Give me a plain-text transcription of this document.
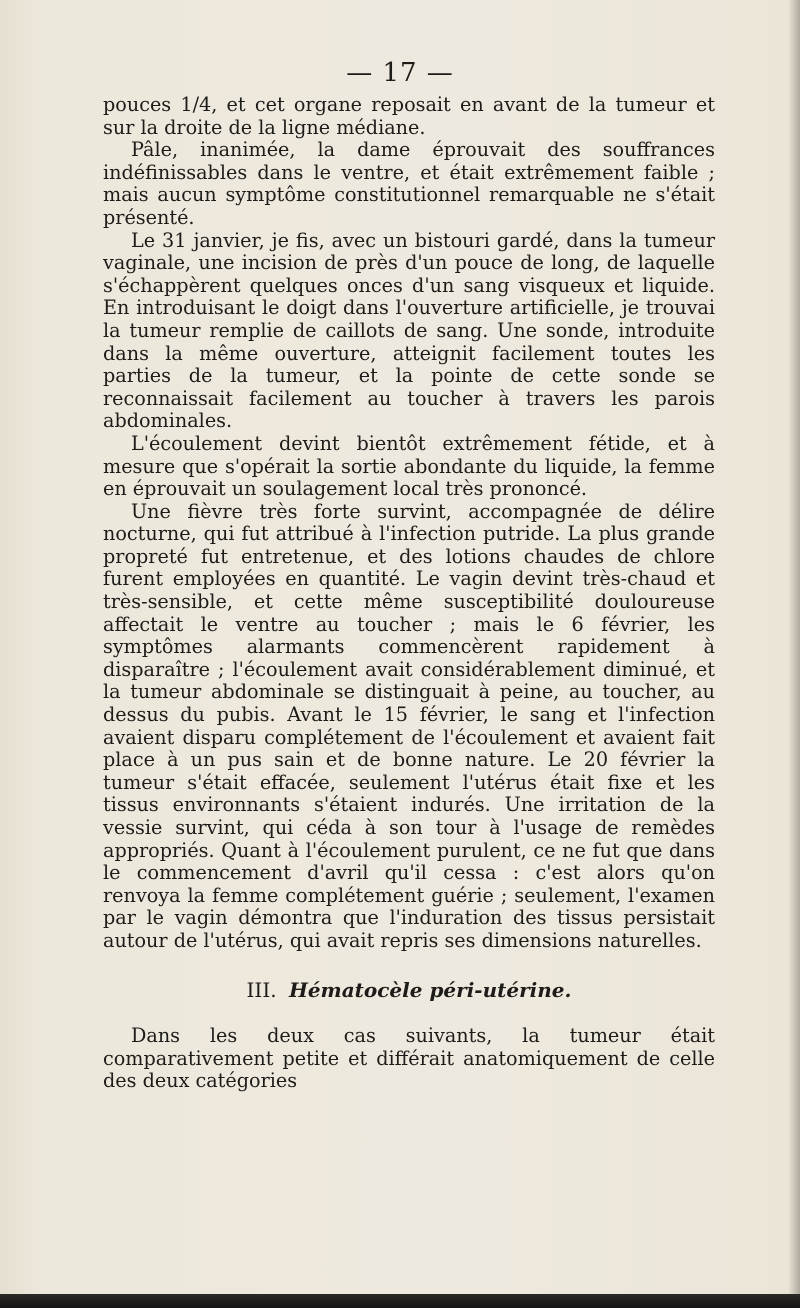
— 17 —

pouces 1/4, et cet organe reposait en avant de la tumeur et sur la droite de la ligne médiane.

Pâle, inanimée, la dame éprouvait des souffrances indéfinissables dans le ventre, et était extrêmement faible ; mais aucun symptôme constitutionnel remarquable ne s'était présenté.

Le 31 janvier, je fis, avec un bistouri gardé, dans la tumeur vaginale, une incision de près d'un pouce de long, de laquelle s'échappèrent quelques onces d'un sang visqueux et liquide. En introduisant le doigt dans l'ouverture artificielle, je trouvai la tumeur remplie de caillots de sang. Une sonde, introduite dans la même ouverture, atteignit facilement toutes les parties de la tumeur, et la pointe de cette sonde se reconnaissait facilement au toucher à travers les parois abdominales.

L'écoulement devint bientôt extrêmement fétide, et à mesure que s'opérait la sortie abondante du liquide, la femme en éprouvait un soulagement local très prononcé.

Une fièvre très forte survint, accompagnée de délire nocturne, qui fut attribué à l'infection putride. La plus grande propreté fut entretenue, et des lotions chaudes de chlore furent employées en quantité. Le vagin devint très-chaud et très-sensible, et cette même susceptibilité douloureuse affectait le ventre au toucher ; mais le 6 février, les symptômes alarmants commencèrent rapidement à disparaître ; l'écoulement avait considérablement diminué, et la tumeur abdominale se distinguait à peine, au toucher, au dessus du pubis. Avant le 15 février, le sang et l'infection avaient disparu complétement de l'écoulement et avaient fait place à un pus sain et de bonne nature. Le 20 février la tumeur s'était effacée, seulement l'utérus était fixe et les tissus environnants s'étaient indurés. Une irritation de la vessie survint, qui céda à son tour à l'usage de remèdes appropriés. Quant à l'écoulement purulent, ce ne fut que dans le commencement d'avril qu'il cessa : c'est alors qu'on renvoya la femme complétement guérie ; seulement, l'examen par le vagin démontra que l'induration des tissus persistait autour de l'utérus, qui avait repris ses dimensions naturelles.

III. Hématocèle péri-utérine.

Dans les deux cas suivants, la tumeur était comparativement petite et différait anatomiquement de celle des deux catégories
